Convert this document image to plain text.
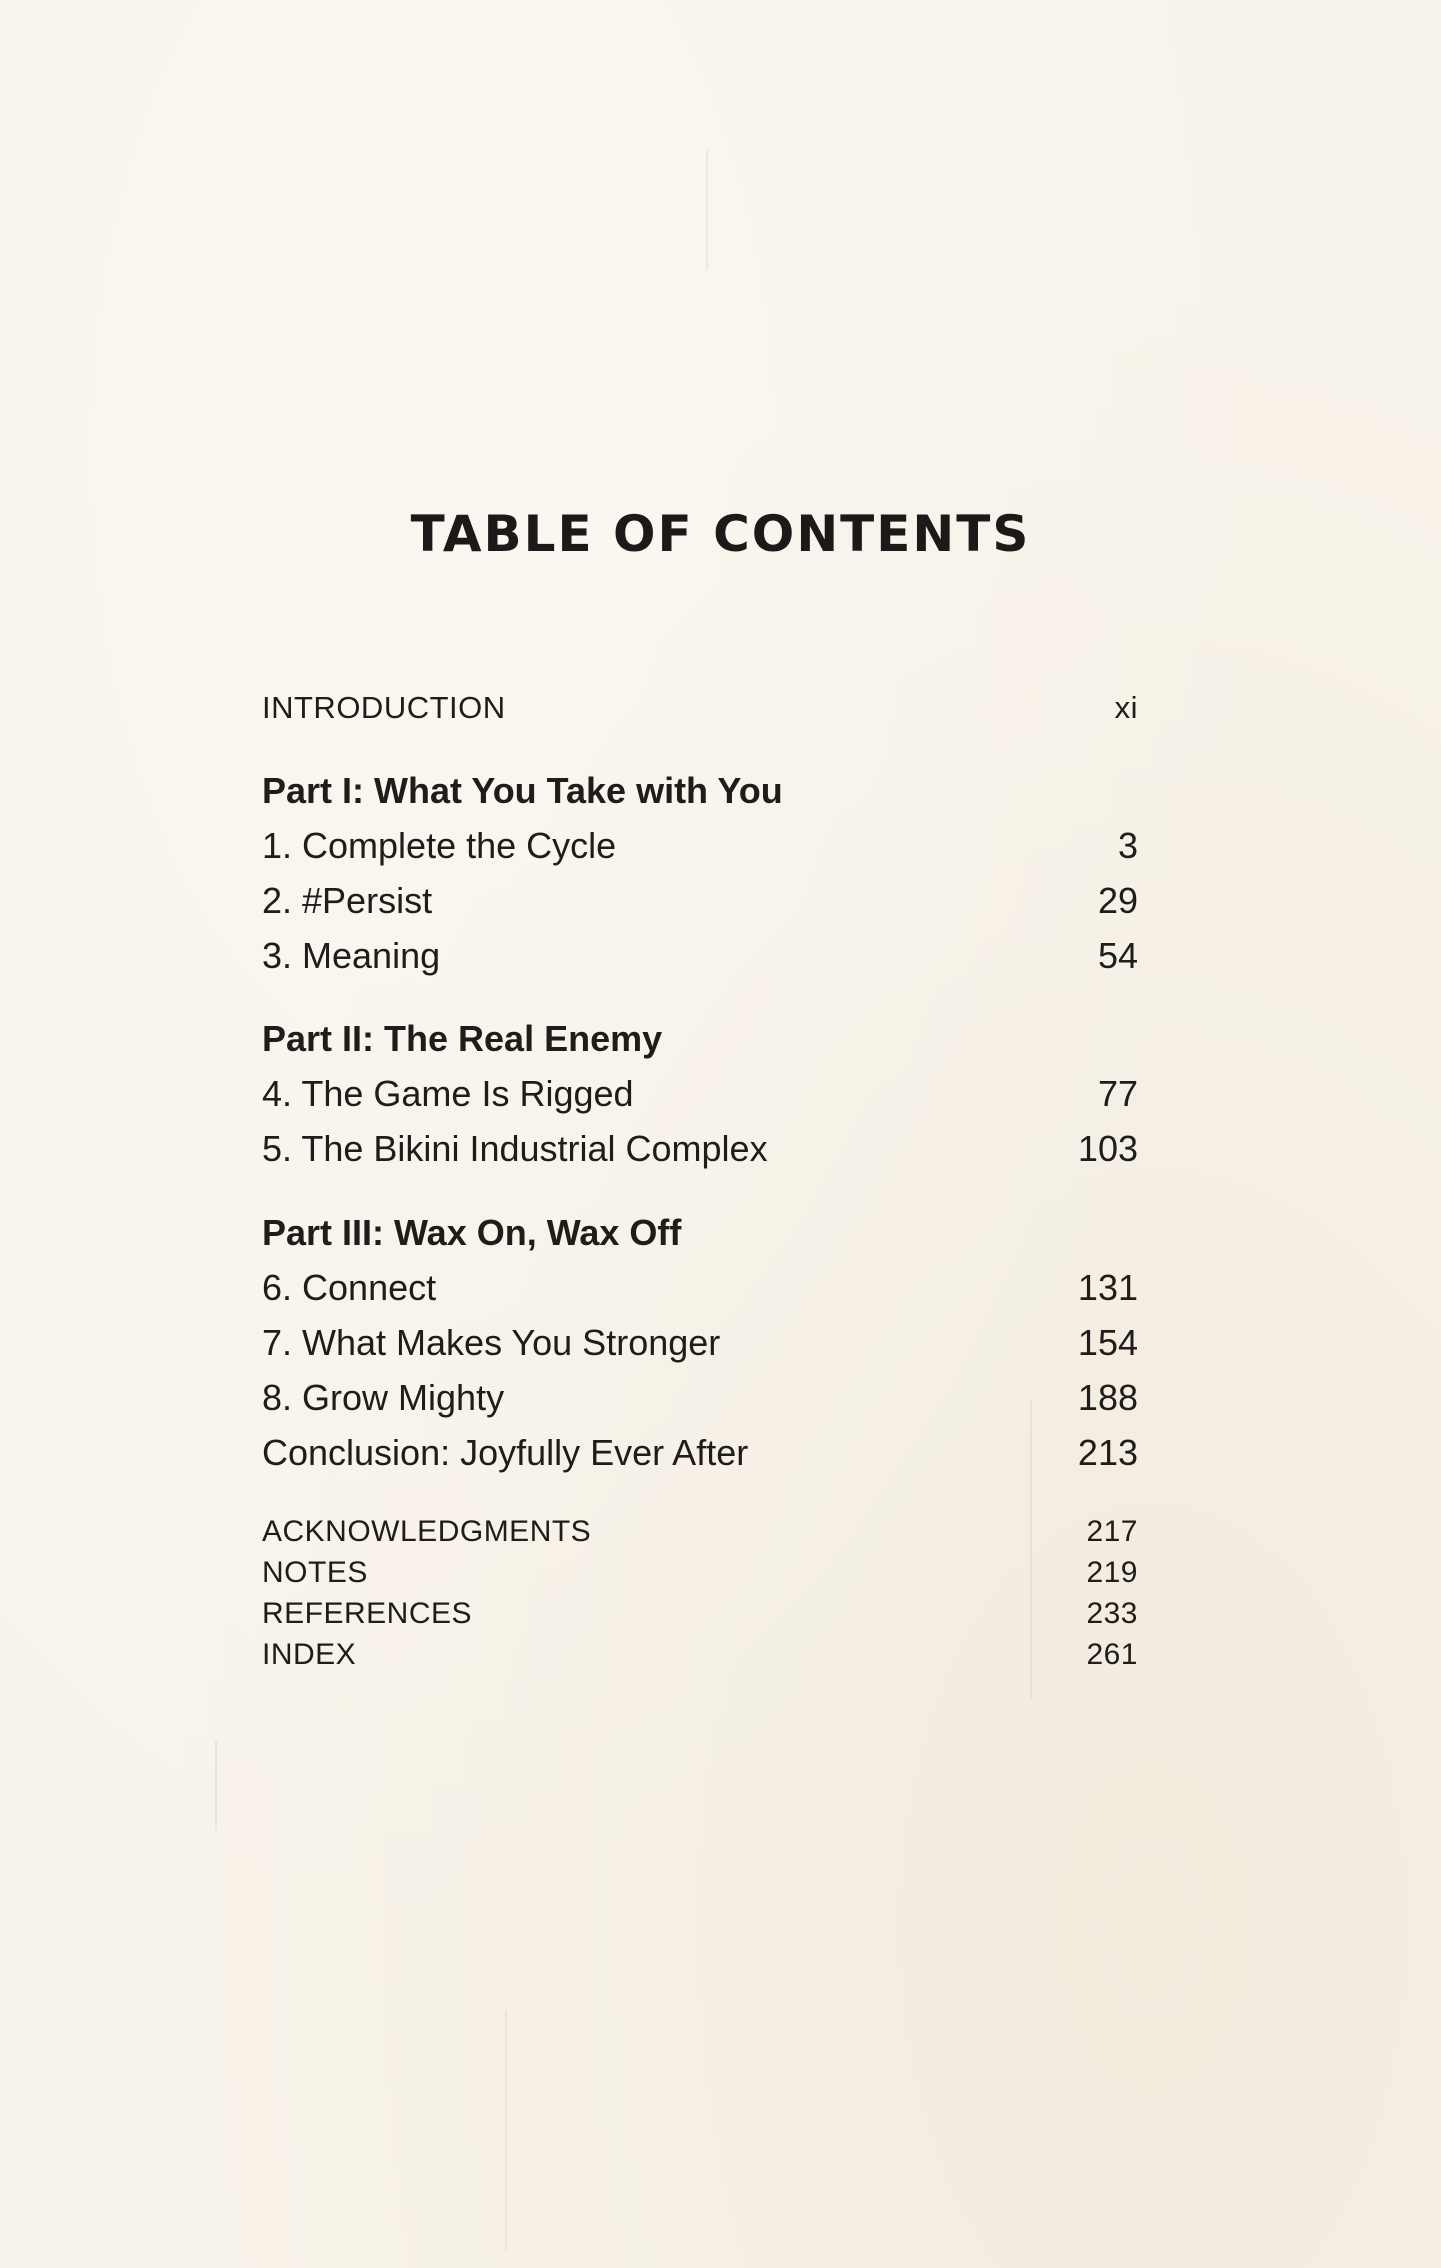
TABLE OF CONTENTS
INTRODUCTION	xi
Part I: What You Take with You
1. Complete the Cycle	3
2. #Persist	29
3. Meaning	54
Part II: The Real Enemy
4. The Game Is Rigged	77
5. The Bikini Industrial Complex	103
Part III: Wax On, Wax Off
6. Connect	131
7. What Makes You Stronger	154
8. Grow Mighty	188
Conclusion: Joyfully Ever After	213
ACKNOWLEDGMENTS	217
NOTES	219
REFERENCES	233
INDEX	261
